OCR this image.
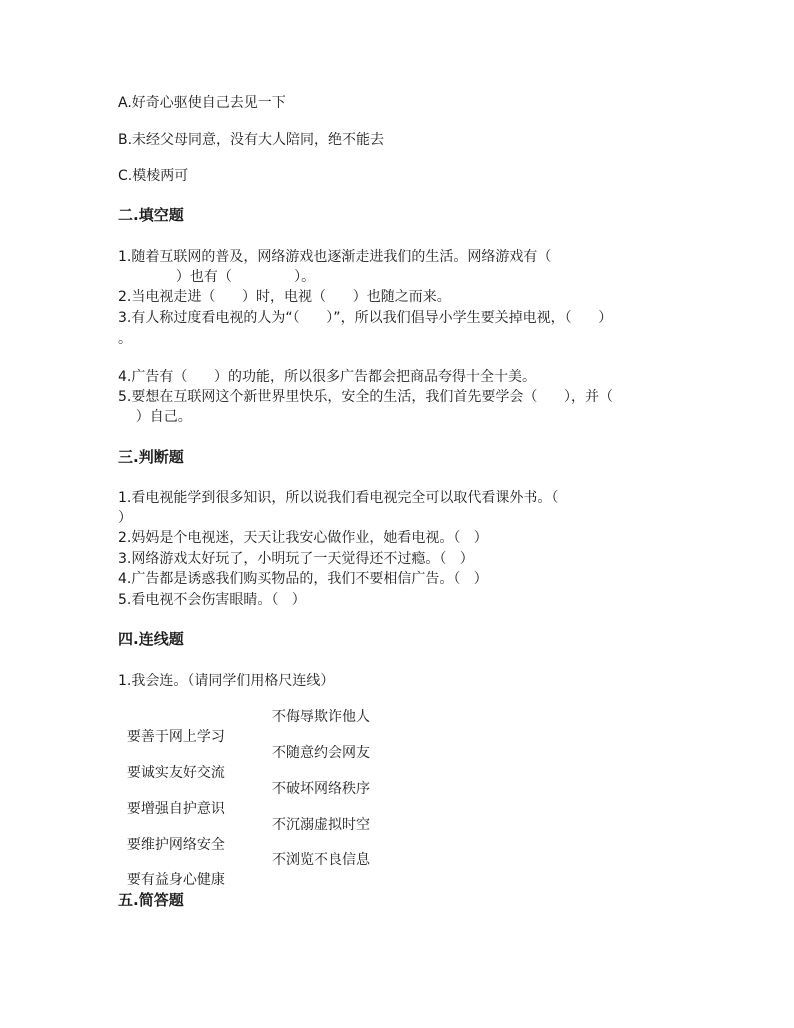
A.好奇心驱使自己去见一下
B.未经父母同意，没有大人陪同，绝不能去
C.模棱两可
二.填空题
1.随着互联网的普及，网络游戏也逐渐走进我们的生活。网络游戏有（
）也有（              ）。
2.当电视走进（      ）时，电视（      ）也随之而来。
3.有人称过度看电视的人为“（      ）”，所以我们倡导小学生要关掉电视，（      ）
。
4.广告有（      ）的功能，所以很多广告都会把商品夸得十全十美。
5.要想在互联网这个新世界里快乐，安全的生活，我们首先要学会（      ），并（
）自己。
三.判断题
1.看电视能学到很多知识，所以说我们看电视完全可以取代看课外书。（
）
2.妈妈是个电视迷，天天让我安心做作业，她看电视。（   ）
3.网络游戏太好玩了，小明玩了一天觉得还不过瘾。（   ）
4.广告都是诱惑我们购买物品的，我们不要相信广告。（   ）
5.看电视不会伤害眼睛。（   ）
四.连线题
1.我会连。（请同学们用格尺连线）

要善于网上学习

不侮辱欺诈他人

要诚实友好交流

不随意约会网友

要增强自护意识

不破坏网络秩序

要维护网络安全

不沉溺虚拟时空

要有益身心健康

不浏览不良信息

五.简答题
